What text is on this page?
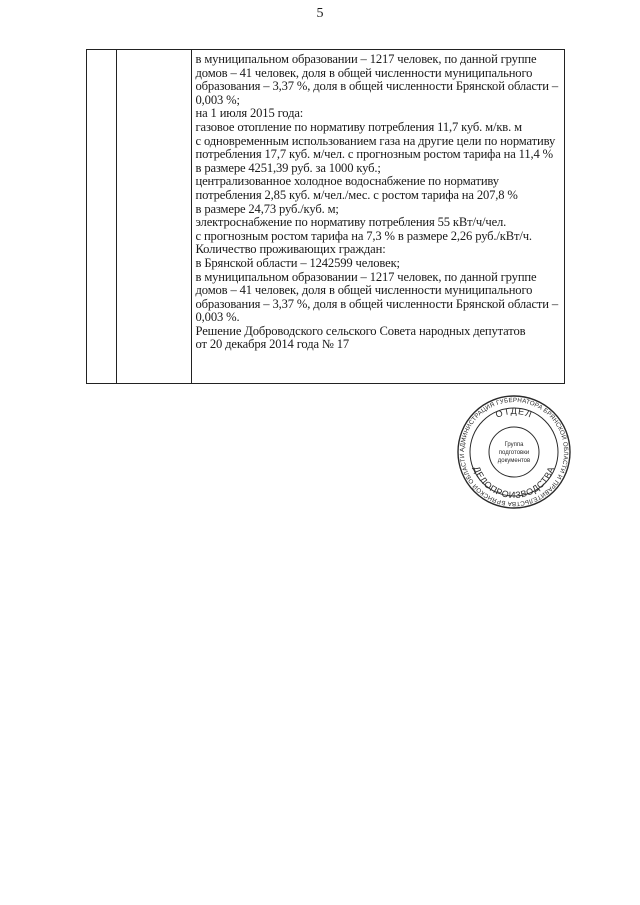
5
в муниципальном образовании – 1217 человек, по данной группе
домов – 41 человек, доля в общей численности муниципального
образования – 3,37 %, доля в общей численности Брянской области –
0,003 %;
на 1 июля 2015 года:
газовое отопление по нормативу потребления 11,7 куб. м/кв. м
с одновременным использованием газа на другие цели по нормативу
потребления 17,7 куб. м/чел. с прогнозным ростом тарифа на 11,4 %
в размере 4251,39 руб. за 1000 куб.;
централизованное холодное водоснабжение по нормативу
потребления 2,85 куб. м/чел./мес. с ростом тарифа на 207,8 %
в размере 24,73 руб./куб. м;
электроснабжение по нормативу потребления 55 кВт/ч/чел.
с прогнозным ростом тарифа на 7,3 % в размере 2,26 руб./кВт/ч.
Количество проживающих граждан:
в Брянской области – 1242599 человек;
в муниципальном образовании – 1217 человек, по данной группе
домов – 41 человек, доля в общей численности муниципального
образования – 3,37 %, доля в общей численности Брянской области –
0,003 %.
Решение Доброводского сельского Совета народных депутатов
от 20 декабря 2014 года № 17
АДМИНИСТРАЦИЯ ГУБЕРНАТОРА БРЯНСКОЙ ОБЛАСТИ И ПРАВИТЕЛЬСТВА БРЯНСКОЙ ОБЛАСТИ
ОТДЕЛ
ДЕЛОПРОИЗВОДСТВА
Группа
подготовки
документов
